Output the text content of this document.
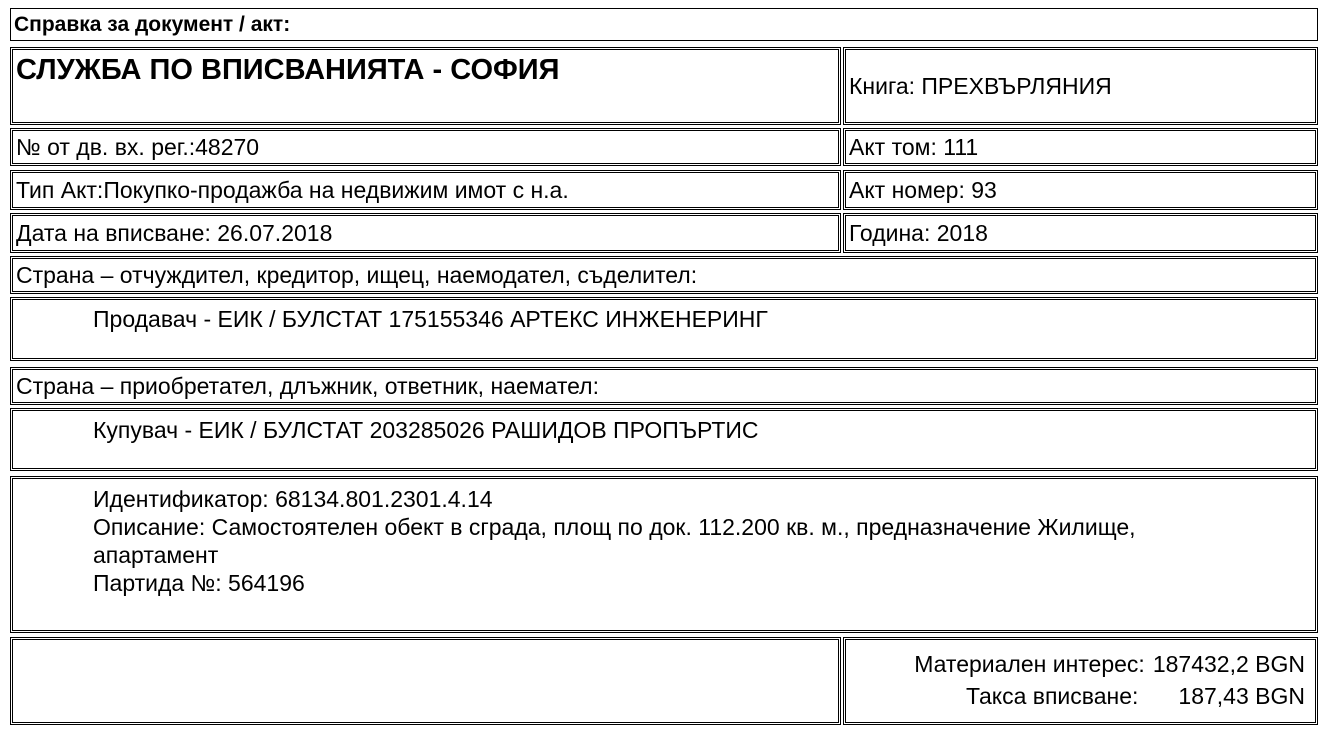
Справка за документ / акт:
СЛУЖБА ПО ВПИСВАНИЯТА - СОФИЯ	Книга: ПРЕХВЪРЛЯНИЯ
№ от дв. вх. рег.:48270	Акт том: 111
Тип Акт:Покупко-продажба на недвижим имот с н.а.	Акт номер: 93
Дата на вписване: 26.07.2018	Година: 2018
Страна – отчуждител, кредитор, ищец, наемодател, съделител:
Продавач - ЕИК / БУЛСТАТ 175155346 АРТЕКС ИНЖЕНЕРИНГ
Страна – приобретател, длъжник, ответник, наемател:
Купувач - ЕИК / БУЛСТАТ 203285026 РАШИДОВ ПРОПЪРТИС
Идентификатор: 68134.801.2301.4.14
Описание: Самостоятелен обект в сграда, площ по док. 112.200 кв. м., предназначение Жилище,
апартамент
Партида №: 564196
Материален интерес: 187432,2 BGN
Такса вписване: 187,43 BGN
